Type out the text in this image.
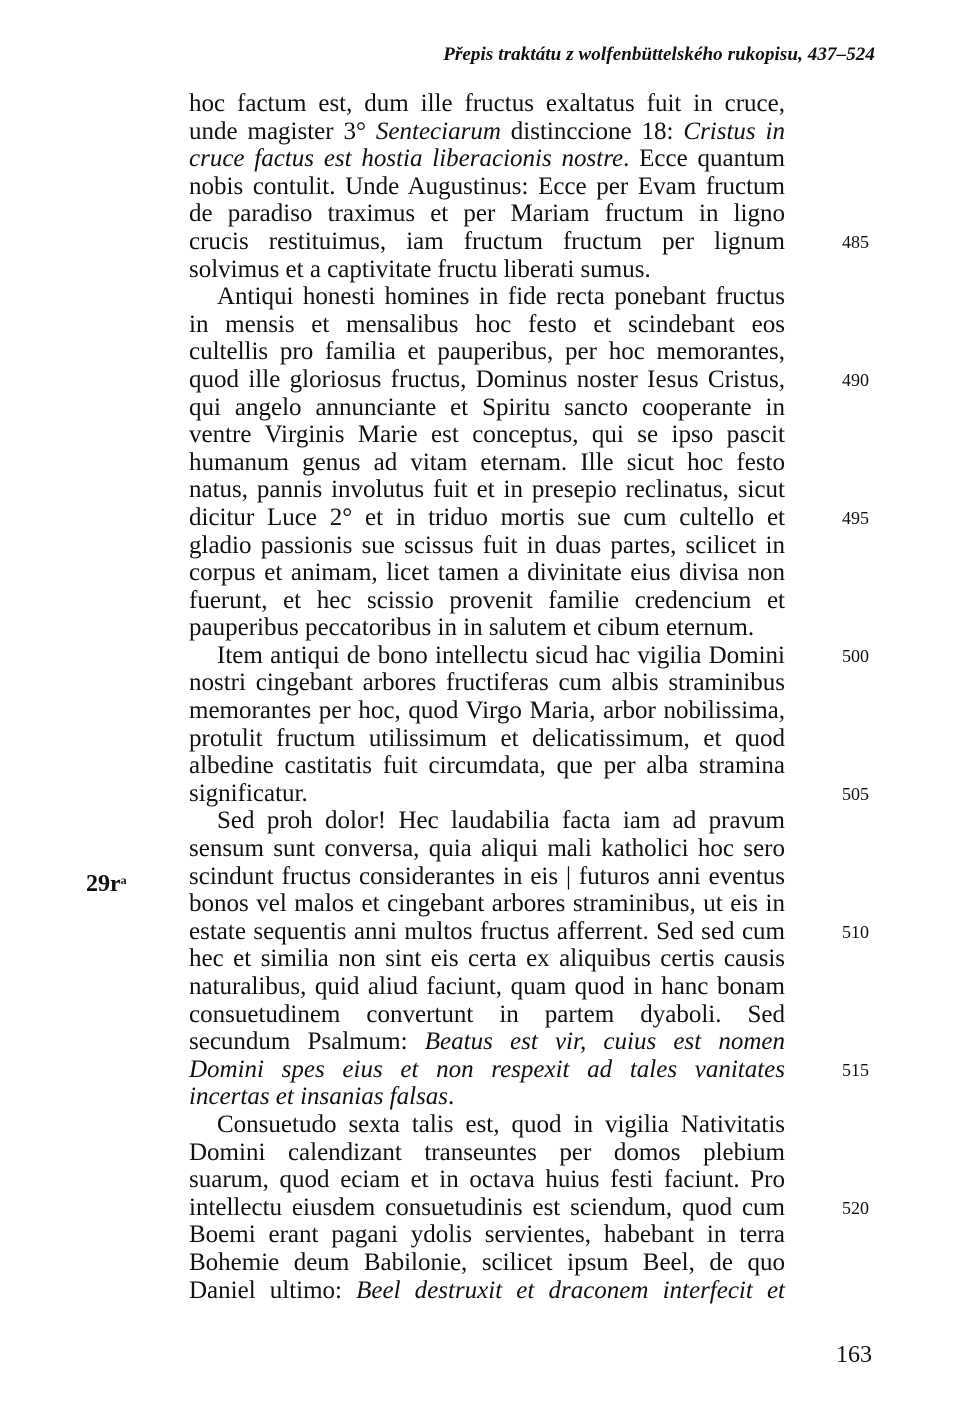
Přepis traktátu z wolfenbüttelského rukopisu, 437–524
hoc factum est, dum ille fructus exaltatus fuit in cruce,
unde magister 3° Senteciarum distinccione 18: Cristus in
cruce factus est hostia liberacionis nostre. Ecce quantum
nobis contulit. Unde Augustinus: Ecce per Evam fructum
de paradiso traximus et per Mariam fructum in ligno
crucis restituimus, iam fructum fructum per lignum
solvimus et a captivitate fructu liberati sumus.
Antiqui honesti homines in fide recta ponebant fructus
in mensis et mensalibus hoc festo et scindebant eos
cultellis pro familia et pauperibus, per hoc memorantes,
quod ille gloriosus fructus, Dominus noster Iesus Cristus,
qui angelo annunciante et Spiritu sancto cooperante in
ventre Virginis Marie est conceptus, qui se ipso pascit
humanum genus ad vitam eternam. Ille sicut hoc festo
natus, pannis involutus fuit et in presepio reclinatus, sicut
dicitur Luce 2° et in triduo mortis sue cum cultello et
gladio passionis sue scissus fuit in duas partes, scilicet in
corpus et animam, licet tamen a divinitate eius divisa non
fuerunt, et hec scissio provenit familie credencium et
pauperibus peccatoribus in in salutem et cibum eternum.
Item antiqui de bono intellectu sicud hac vigilia Domini
nostri cingebant arbores fructiferas cum albis straminibus
memorantes per hoc, quod Virgo Maria, arbor nobilissima,
protulit fructum utilissimum et delicatissimum, et quod
albedine castitatis fuit circumdata, que per alba stramina
significatur.
Sed proh dolor! Hec laudabilia facta iam ad pravum
sensum sunt conversa, quia aliqui mali katholici hoc sero
scindunt fructus considerantes in eis | futuros anni eventus
bonos vel malos et cingebant arbores straminibus, ut eis in
estate sequentis anni multos fructus afferrent. Sed sed cum
hec et similia non sint eis certa ex aliquibus certis causis
naturalibus, quid aliud faciunt, quam quod in hanc bonam
consuetudinem convertunt in partem dyaboli. Sed
secundum Psalmum: Beatus est vir, cuius est nomen
Domini spes eius et non respexit ad tales vanitates
incertas et insanias falsas.
Consuetudo sexta talis est, quod in vigilia Nativitatis
Domini calendizant transeuntes per domos plebium
suarum, quod eciam et in octava huius festi faciunt. Pro
intellectu eiusdem consuetudinis est sciendum, quod cum
Boemi erant pagani ydolis servientes, habebant in terra
Bohemie deum Babilonie, scilicet ipsum Beel, de quo
Daniel ultimo: Beel destruxit et draconem interfecit et
$29r^a$
485
490
495
500
505
510
515
520
163
